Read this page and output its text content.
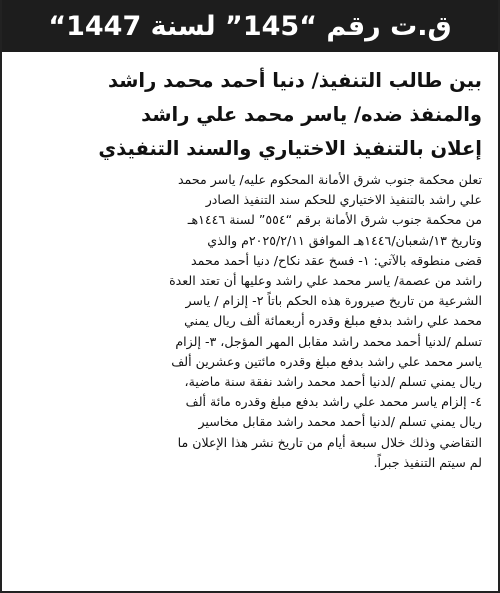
ق.ت رقم “145” لسنة 1447“
بين طالب التنفيذ/ دنيا أحمد محمد راشد
والمنفذ ضده/ ياسر محمد علي راشد
إعلان بالتنفيذ الاختياري والسند التنفيذي
تعلن محكمة جنوب شرق الأمانة المحكوم عليه/ ياسر محمد
علي راشد بالتنفيذ الاختياري للحكم سند التنفيذ الصادر
من محكمة جنوب شرق الأمانة برقم “٥٥٤” لسنة ١٤٤٦هـ
وتاريخ ١٣/شعبان/١٤٤٦هـ الموافق ٢٠٢٥/٢/١١م والذي
قضى منطوقه بالآتي: ١- فسخ عقد نكاح/ دنيا أحمد محمد
راشد من عصمة/ ياسر محمد علي راشد وعليها أن تعتد العدة
الشرعية من تاريخ صيرورة هذه الحكم باتاً ٢- إلزام / ياسر
محمد علي راشد بدفع مبلغ وقدره أربعمائة ألف ريال يمني
تسلم /لدنيا أحمد محمد راشد مقابل المهر المؤجل، ٣- إلزام
ياسر محمد علي راشد بدفع مبلغ وقدره مائتين وعشرين ألف
ريال يمني تسلم /لدنيا أحمد محمد راشد نفقة سنة ماضية،
٤- إلزام ياسر محمد علي راشد بدفع مبلغ وقدره مائة ألف
ريال يمني تسلم /لدنيا أحمد محمد راشد مقابل مخاسير
التقاضي وذلك خلال سبعة أيام من تاريخ نشر هذا الإعلان ما
لم سيتم التنفيذ جبراً.
